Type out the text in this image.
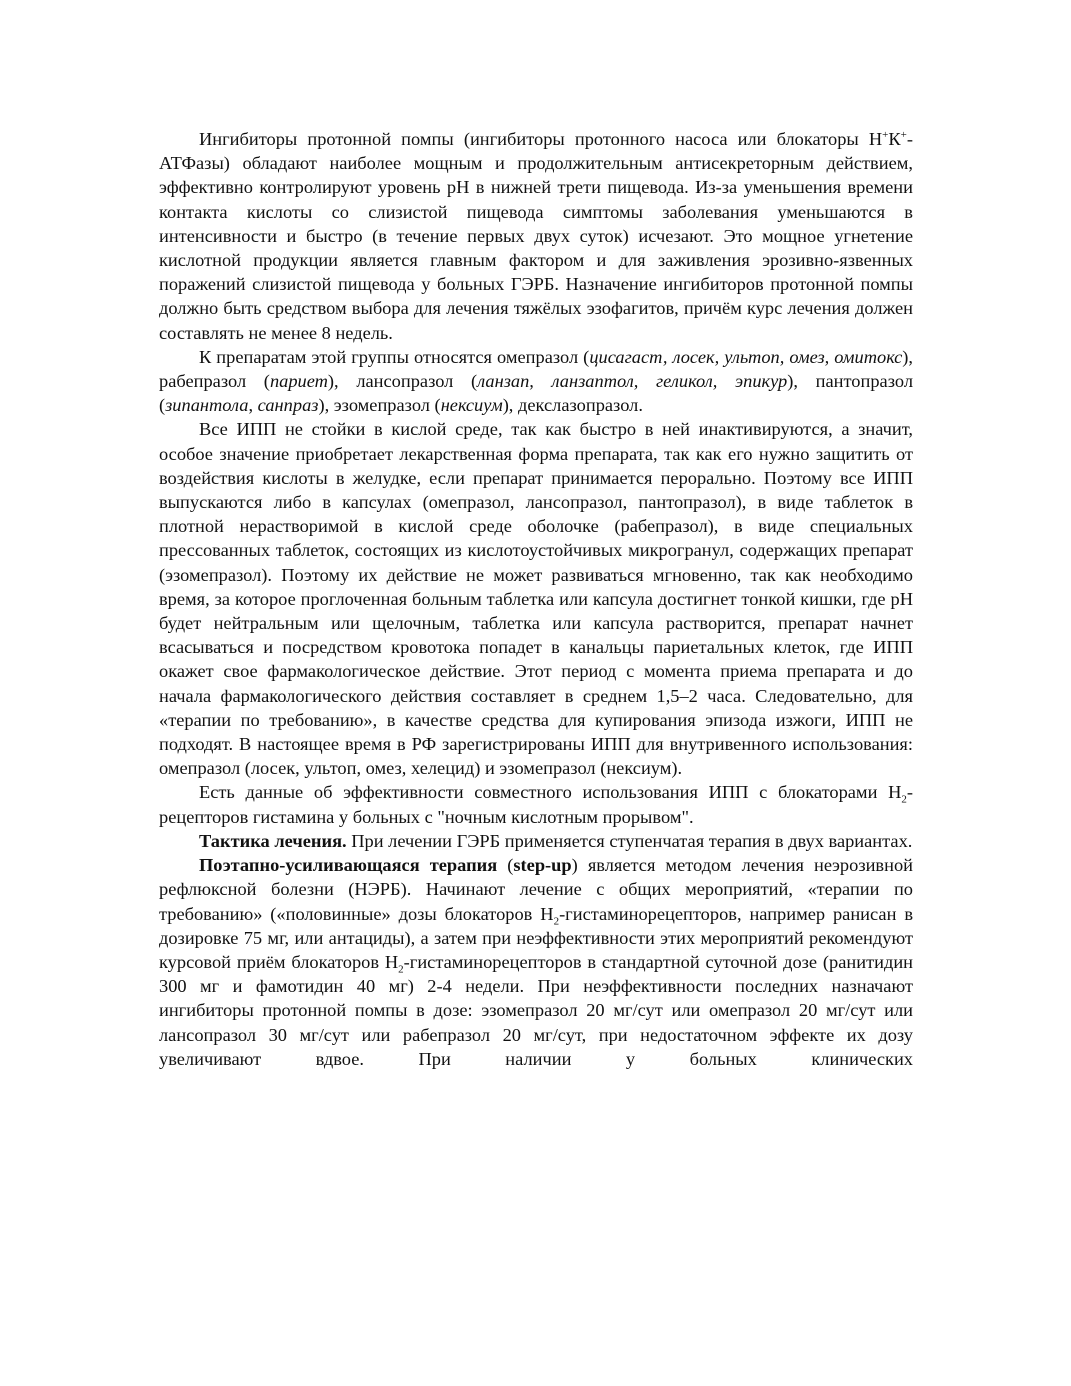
Ингибиторы протонной помпы (ингибиторы протонного насоса или блокаторы Н+К+-АТФазы) обладают наиболее мощным и продолжительным антисекреторным действием, эффективно контролируют уровень pH в нижней трети пищевода. Из-за уменьшения времени контакта кислоты со слизистой пищевода симптомы заболевания уменьшаются в интенсивности и быстро (в течение первых двух суток) исчезают. Это мощное угнетение кислотной продукции является главным фактором и для заживления эрозивно-язвенных поражений слизистой пищевода у больных ГЭРБ. Назначение ингибиторов протонной помпы должно быть средством выбора для лечения тяжёлых эзофагитов, причём курс лечения должен составлять не менее 8 недель.

К препаратам этой группы относятся омепразол (цисагаст, лосек, ультоп, омез, омитокс), рабепразол (париет), лансопразол (ланзап, ланзаптол, геликол, эпикур), пантопразол (зипантола, санпраз), эзомепразол (нексиум), декслазопразол.

Все ИПП не стойки в кислой среде, так как быстро в ней инактивируются, а значит, особое значение приобретает лекарственная форма препарата, так как его нужно защитить от воздействия кислоты в желудке, если препарат принимается перорально. Поэтому все ИПП выпускаются либо в капсулах (омепразол, лансопразол, пантопразол), в виде таблеток в плотной нерастворимой в кислой среде оболочке (рабепразол), в виде специальных прессованных таблеток, состоящих из кислотоустойчивых микрогранул, содержащих препарат (эзомепразол). Поэтому их действие не может развиваться мгновенно, так как необходимо время, за которое проглоченная больным таблетка или капсула достигнет тонкой кишки, где pH будет нейтральным или щелочным, таблетка или капсула растворится, препарат начнет всасываться и посредством кровотока попадет в канальцы париетальных клеток, где ИПП окажет свое фармакологическое действие. Этот период с момента приема препарата и до начала фармакологического действия составляет в среднем 1,5–2 часа. Следовательно, для «терапии по требованию», в качестве средства для купирования эпизода изжоги, ИПП не подходят. В настоящее время в РФ зарегистрированы ИПП для внутривенного использования: омепразол (лосек, ультоп, омез, хелецид) и эзомепразол (нексиум).

Есть данные об эффективности совместного использования ИПП с блокаторами $Н_2$-рецепторов гистамина у больных с "ночным кислотным прорывом".

Тактика лечения. При лечении ГЭРБ применяется ступенчатая терапия в двух вариантах.

Поэтапно-усиливающаяся терапия (step-up) является методом лечения неэрозивной рефлюксной болезни (НЭРБ). Начинают лечение с общих мероприятий, «терапии по требованию» («половинные» дозы блокаторов $Н_2$-гистаминорецепторов, например ранисан в дозировке 75 мг, или антациды), а затем при неэффективности этих мероприятий рекомендуют курсовой приём блокаторов $Н_2$-гистаминорецепторов в стандартной суточной дозе (ранитидин 300 мг и фамотидин 40 мг) 2-4 недели. При неэффективности последних назначают ингибиторы протонной помпы в дозе: эзомепразол 20 мг/сут или омепразол 20 мг/сут или лансопразол 30 мг/сут или рабепразол 20 мг/сут, при недостаточном эффекте их дозу увеличивают вдвое. При наличии у больных клинических
